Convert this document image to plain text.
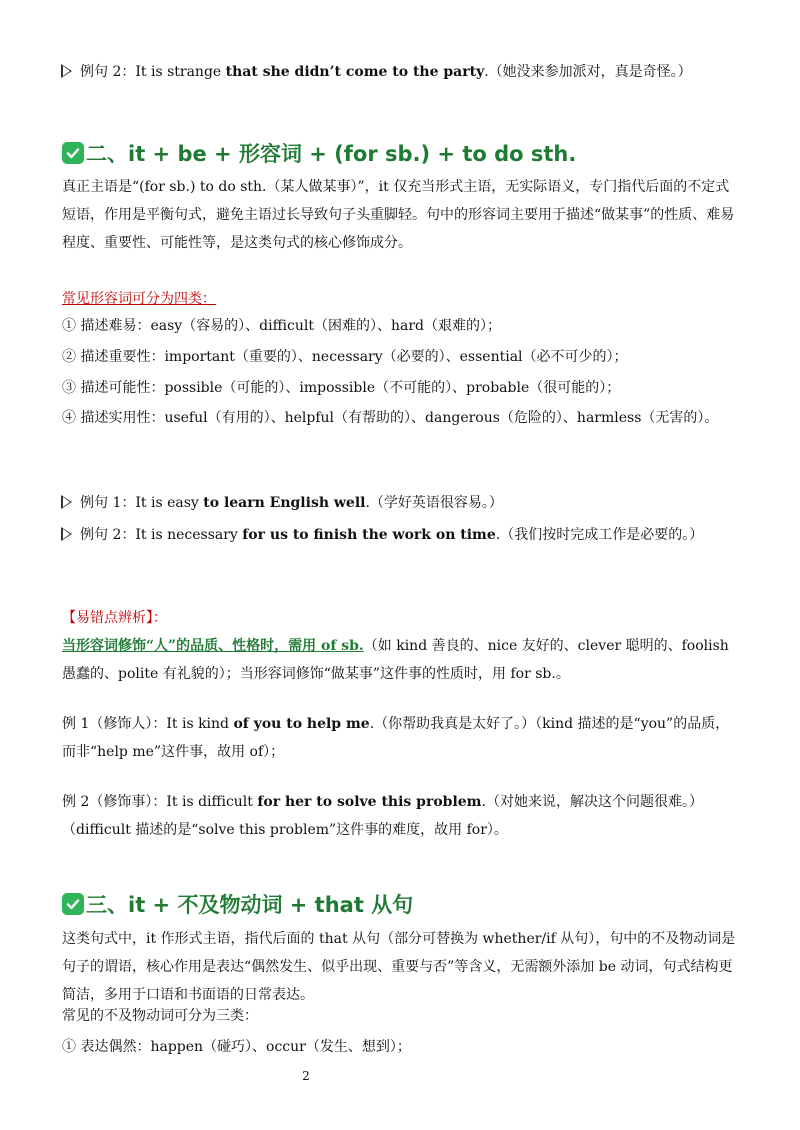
例句 2：It is strange that she didn’t come to the party.（她没来参加派对，真是奇怪。）
二、it + be + 形容词 + (for sb.) + to do sth.
真正主语是“(for sb.) to do sth.（某人做某事）”，it 仅充当形式主语，无实际语义，专门指代后面的不定式短语，作用是平衡句式，避免主语过长导致句子头重脚轻。句中的形容词主要用于描述“做某事”的性质、难易程度、重要性、可能性等，是这类句式的核心修饰成分。
常见形容词可分为四类：
① 描述难易：easy（容易的）、difficult（困难的）、hard（艰难的）；
② 描述重要性：important（重要的）、necessary（必要的）、essential（必不可少的）；
③ 描述可能性：possible（可能的）、impossible（不可能的）、probable（很可能的）；
④ 描述实用性：useful（有用的）、helpful（有帮助的）、dangerous（危险的）、harmless（无害的）。
例句 1：It is easy to learn English well.（学好英语很容易。）
例句 2：It is necessary for us to finish the work on time.（我们按时完成工作是必要的。）
【易错点辨析】：
当形容词修饰“人”的品质、性格时，需用 of sb.（如 kind 善良的、nice 友好的、clever 聪明的、foolish 愚蠢的、polite 有礼貌的）；当形容词修饰“做某事”这件事的性质时，用 for sb.。
例 1（修饰人）：It is kind of you to help me.（你帮助我真是太好了。）（kind 描述的是“you”的品质，而非“help me”这件事，故用 of）；
例 2（修饰事）：It is difficult for her to solve this problem.（对她来说，解决这个问题很难。）（difficult 描述的是“solve this problem”这件事的难度，故用 for）。
三、it + 不及物动词 + that 从句
这类句式中，it 作形式主语，指代后面的 that 从句（部分可替换为 whether/if 从句），句中的不及物动词是句子的谓语，核心作用是表达“偶然发生、似乎出现、重要与否”等含义，无需额外添加 be 动词，句式结构更简洁，多用于口语和书面语的日常表达。
常见的不及物动词可分为三类：
① 表达偶然：happen（碰巧）、occur（发生、想到）；
2
